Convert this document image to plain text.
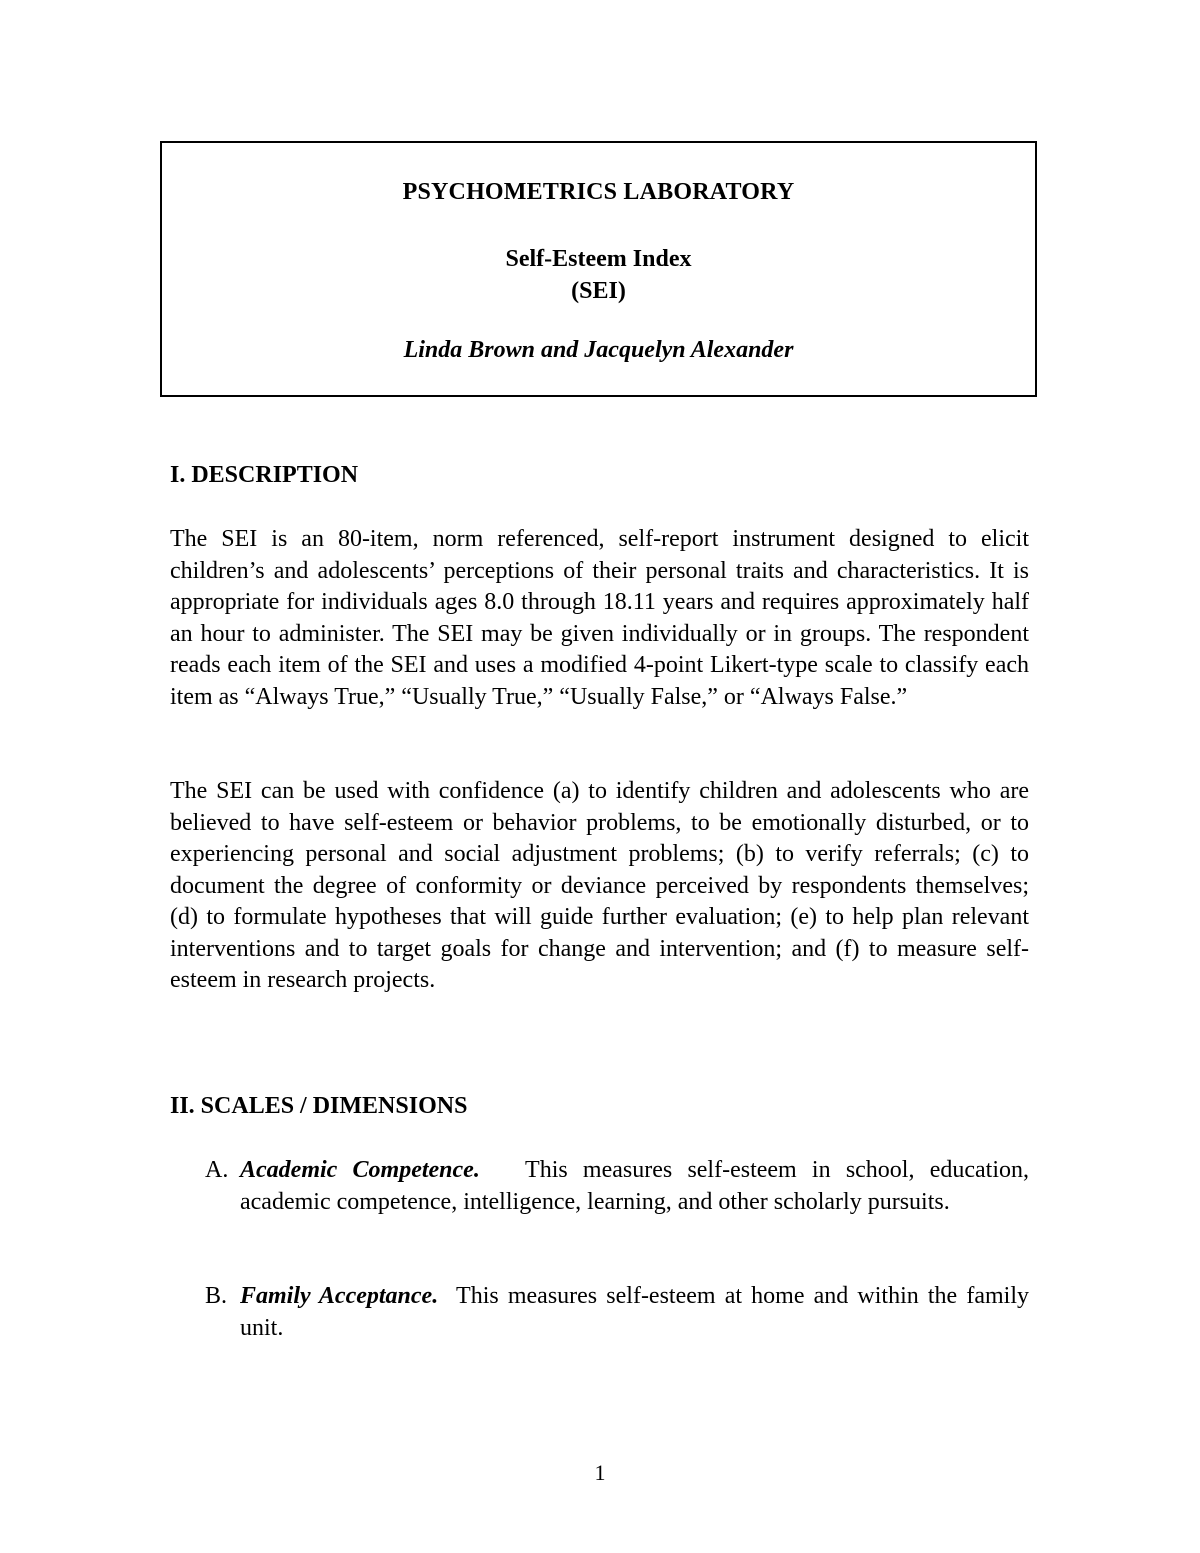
PSYCHOMETRICS LABORATORY
Self-Esteem Index
(SEI)
Linda Brown and Jacquelyn Alexander
I. DESCRIPTION
The SEI is an 80-item, norm referenced, self-report instrument designed to elicit children’s and adolescents’ perceptions of their personal traits and characteristics. It is appropriate for individuals ages 8.0 through 18.11 years and requires approximately half an hour to administer. The SEI may be given individually or in groups. The respondent reads each item of the SEI and uses a modified 4-point Likert-type scale to classify each item as “Always True,” “Usually True,” “Usually False,” or “Always False.”
The SEI can be used with confidence (a) to identify children and adolescents who are believed to have self-esteem or behavior problems, to be emotionally disturbed, or to experiencing personal and social adjustment problems; (b) to verify referrals; (c) to document the degree of conformity or deviance perceived by respondents themselves; (d) to formulate hypotheses that will guide further evaluation; (e) to help plan relevant interventions and to target goals for change and intervention; and (f) to measure self-esteem in research projects.
II. SCALES / DIMENSIONS
A. Academic Competence. This measures self-esteem in school, education, academic competence, intelligence, learning, and other scholarly pursuits.
B. Family Acceptance. This measures self-esteem at home and within the family unit.
1
